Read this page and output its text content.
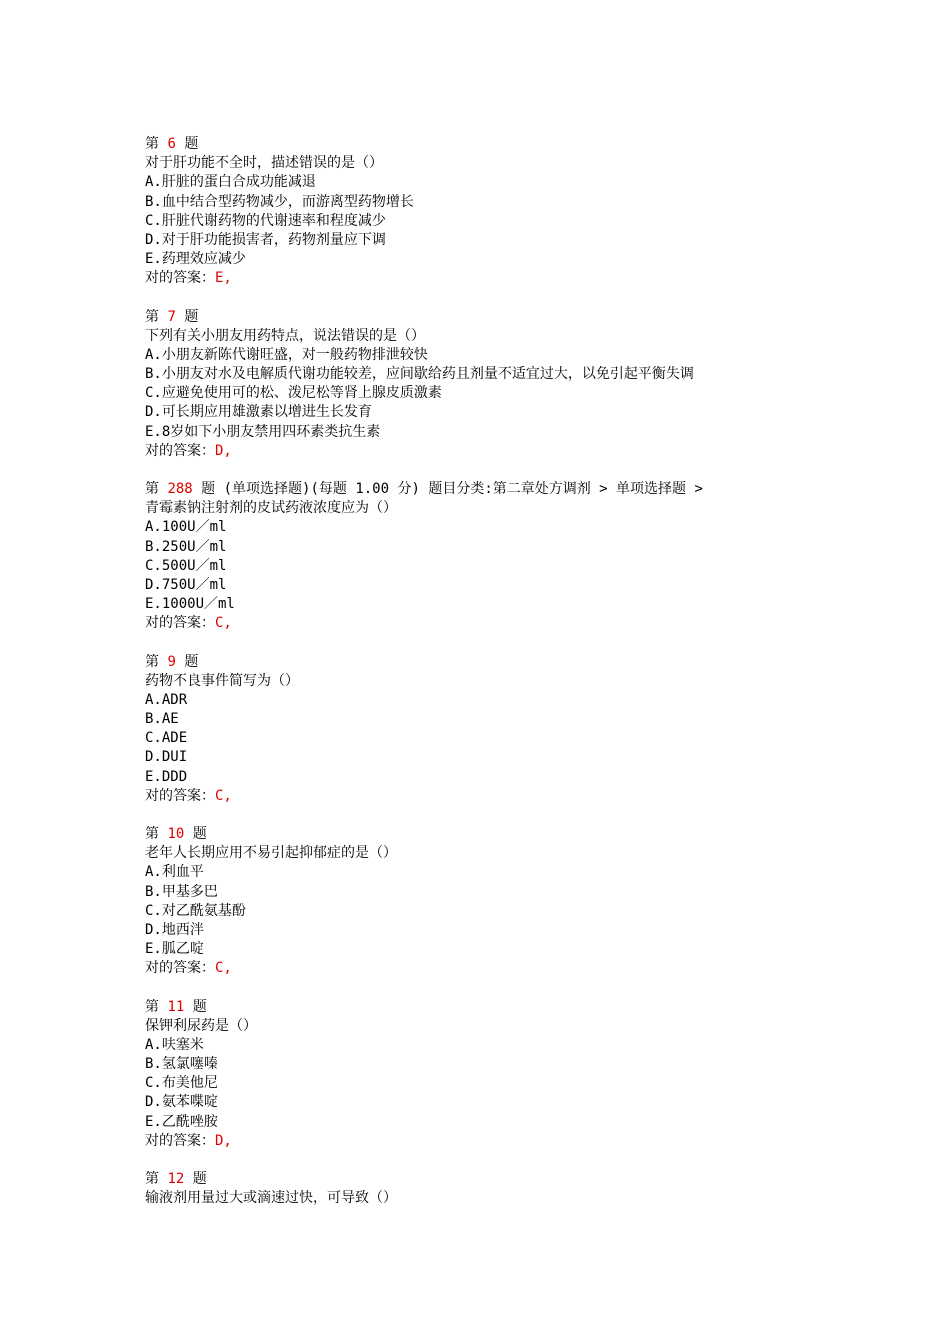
第 6 题
对于肝功能不全时，描述错误的是（）
A.肝脏的蛋白合成功能减退
B.血中结合型药物减少，而游离型药物增长
C.肝脏代谢药物的代谢速率和程度减少
D.对于肝功能损害者，药物剂量应下调
E.药理效应减少
对的答案：E,
第 7 题
下列有关小朋友用药特点，说法错误的是（）
A.小朋友新陈代谢旺盛，对一般药物排泄较快
B.小朋友对水及电解质代谢功能较差，应间歇给药且剂量不适宜过大，以免引起平衡失调
C.应避免使用可的松、泼尼松等肾上腺皮质激素
D.可长期应用雄激素以增进生长发育
E.8岁如下小朋友禁用四环素类抗生素
对的答案：D,
第 288 题 (单项选择题)(每题 1.00 分) 题目分类:第二章处方调剂 > 单项选择题 >
青霉素钠注射剂的皮试药液浓度应为（）
A.100U／ml
B.250U／ml
C.500U／ml
D.750U／ml
E.1000U／ml
对的答案：C,
第 9 题
药物不良事件简写为（）
A.ADR
B.AE
C.ADE
D.DUI
E.DDD
对的答案：C,
第 10 题
老年人长期应用不易引起抑郁症的是（）
A.利血平
B.甲基多巴
C.对乙酰氨基酚
D.地西泮
E.胍乙啶
对的答案：C,
第 11 题
保钾利尿药是（）
A.呋塞米
B.氢氯噻嗪
C.布美他尼
D.氨苯喋啶
E.乙酰唑胺
对的答案：D,
第 12 题
输液剂用量过大或滴速过快，可导致（）
